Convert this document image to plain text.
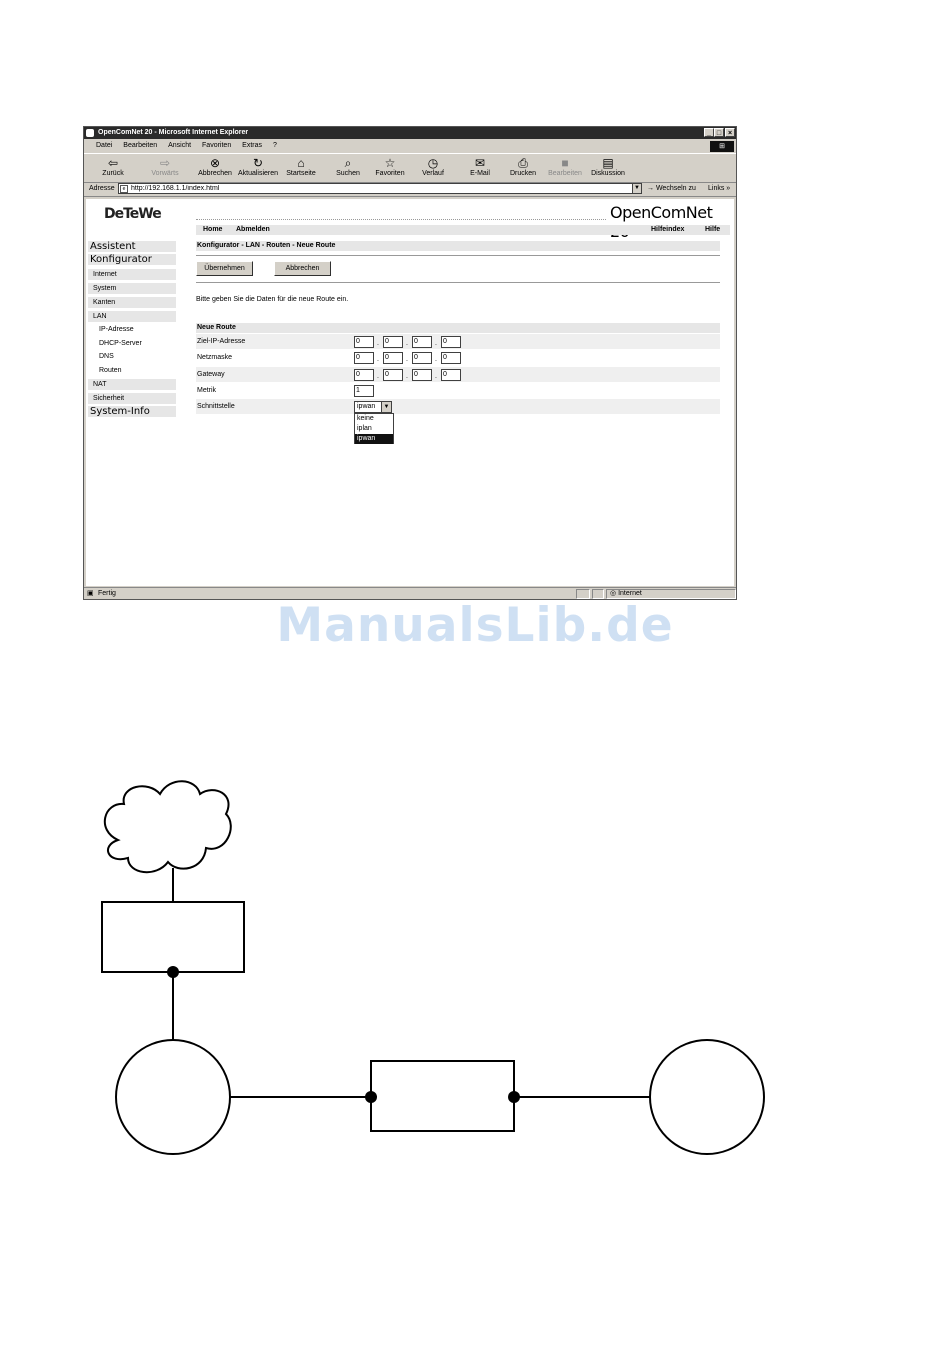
OpenComNet 20 - Microsoft Internet Explorer	_ □ ×
Datei Bearbeiten Ansicht Favoriten Extras ?	⊞
⇦
Zurück
⇨
Vorwärts
⊗
Abbrechen
↻
Aktualisieren
⌂
Startseite
⌕
Suchen
☆
Favoriten
◷
Verlauf
✉
E-Mail
⎙
Drucken
■
Bearbeiten
▤
Diskussion
Adresse
http://192.168.1.1/index.html	e	▼ → Wechseln zu Links »
DeTeWe
Assistent
Konfigurator
Internet
System
Kanten
LAN
IP-Adresse
DHCP-Server
DNS
Routen
NAT
Sicherheit
System-Info
OpenComNet
Home Abmelden	Hilfeindex	Hilfe
Konfigurator - LAN - Routen - Neue Route
Übernehmen	Abbrechen
Bitte geben Sie die Daten für die neue Route ein.
Neue Route
Ziel-IP-Adresse	0	. 0	. 0	. 0
Netzmaske	0	. 0	. 0	. 0
Gateway	0	. 0	. 0	. 0
Metrik	1
Schnittstelle	ipwan	▼
keine
iplan
ipwan
▣ Fertig	◎ Internet
ManualsLib.de
